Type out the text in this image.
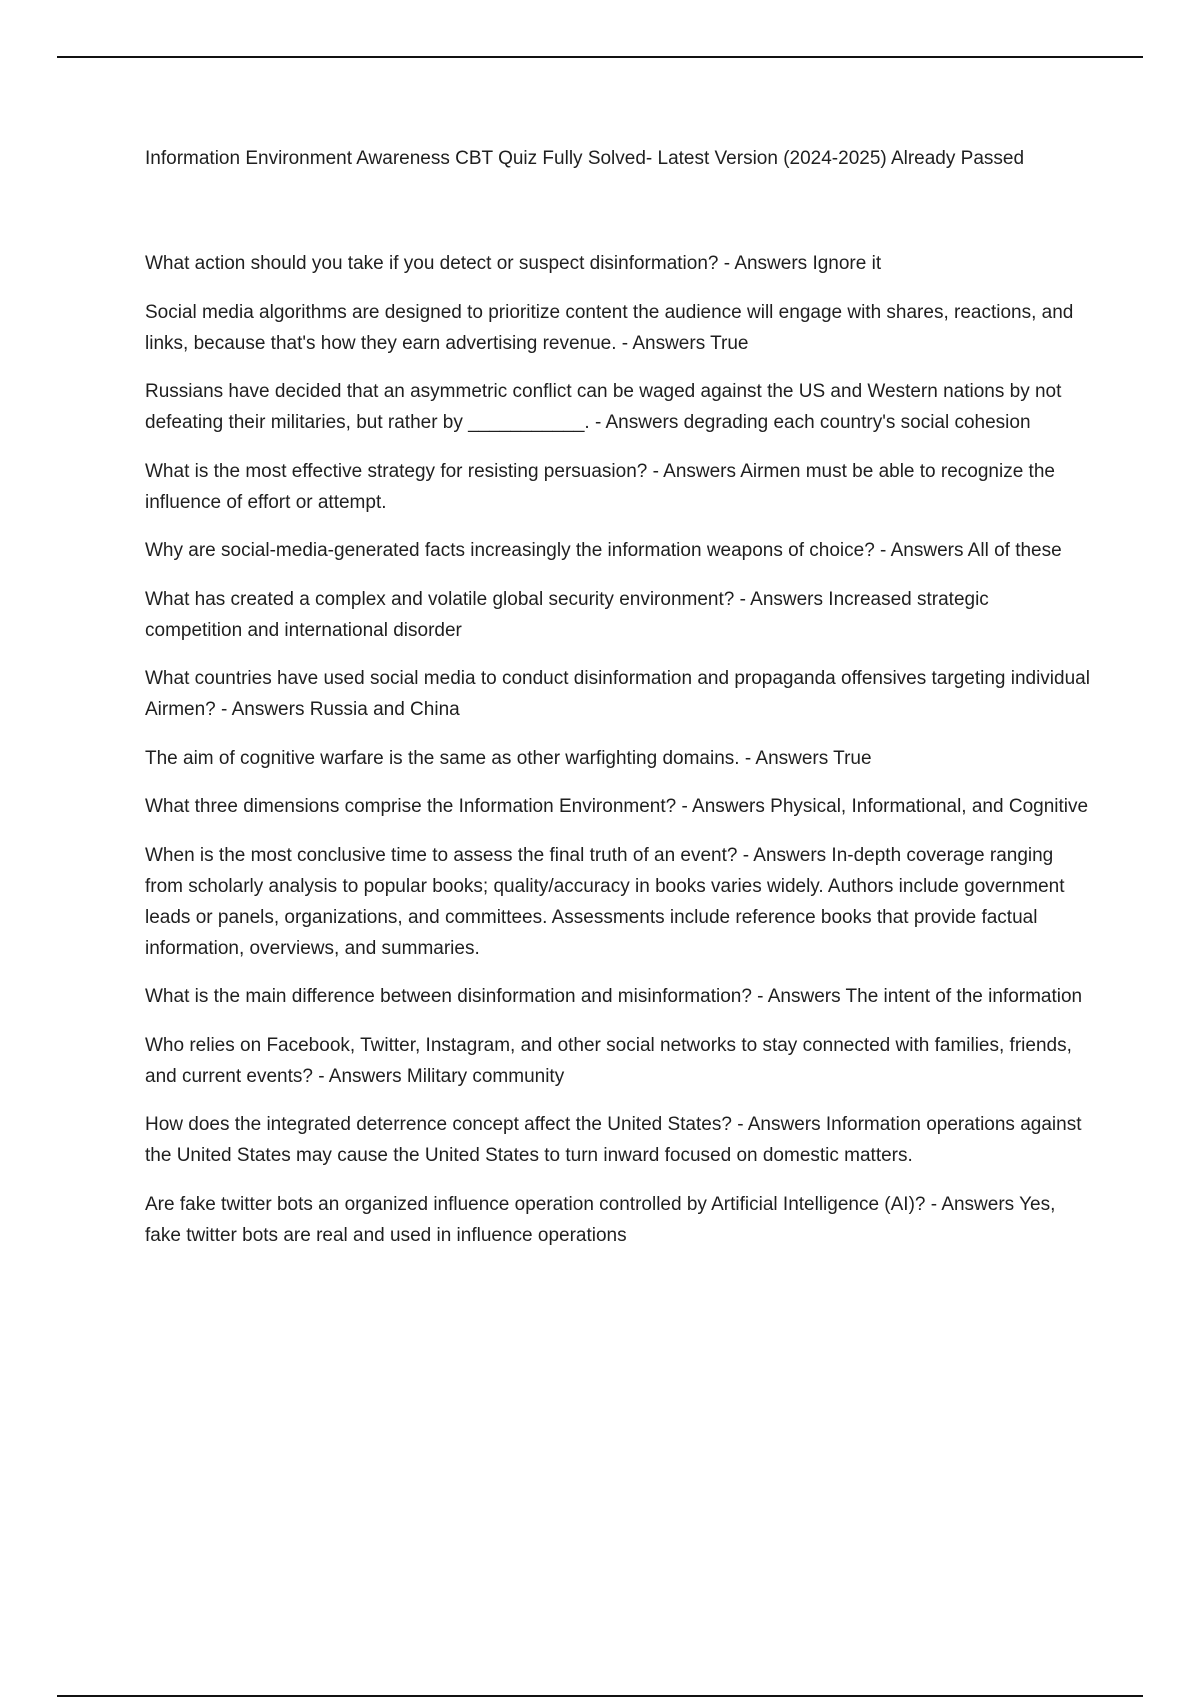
Information Environment Awareness CBT Quiz Fully Solved- Latest Version (2024-2025) Already Passed
What action should you take if you detect or suspect disinformation? - Answers Ignore it
Social media algorithms are designed to prioritize content the audience will engage with shares, reactions, and links, because that's how they earn advertising revenue. - Answers True
Russians have decided that an asymmetric conflict can be waged against the US and Western nations by not defeating their militaries, but rather by ___________. - Answers degrading each country's social cohesion
What is the most effective strategy for resisting persuasion? - Answers Airmen must be able to recognize the influence of effort or attempt.
Why are social-media-generated facts increasingly the information weapons of choice? - Answers All of these
What has created a complex and volatile global security environment? - Answers Increased strategic competition and international disorder
What countries have used social media to conduct disinformation and propaganda offensives targeting individual Airmen? - Answers Russia and China
The aim of cognitive warfare is the same as other warfighting domains. - Answers True
What three dimensions comprise the Information Environment? - Answers Physical, Informational, and Cognitive
When is the most conclusive time to assess the final truth of an event? - Answers In-depth coverage ranging from scholarly analysis to popular books; quality/accuracy in books varies widely. Authors include government leads or panels, organizations, and committees. Assessments include reference books that provide factual information, overviews, and summaries.
What is the main difference between disinformation and misinformation? - Answers The intent of the information
Who relies on Facebook, Twitter, Instagram, and other social networks to stay connected with families, friends, and current events? - Answers Military community
How does the integrated deterrence concept affect the United States? - Answers Information operations against the United States may cause the United States to turn inward focused on domestic matters.
Are fake twitter bots an organized influence operation controlled by Artificial Intelligence (AI)? - Answers Yes, fake twitter bots are real and used in influence operations
